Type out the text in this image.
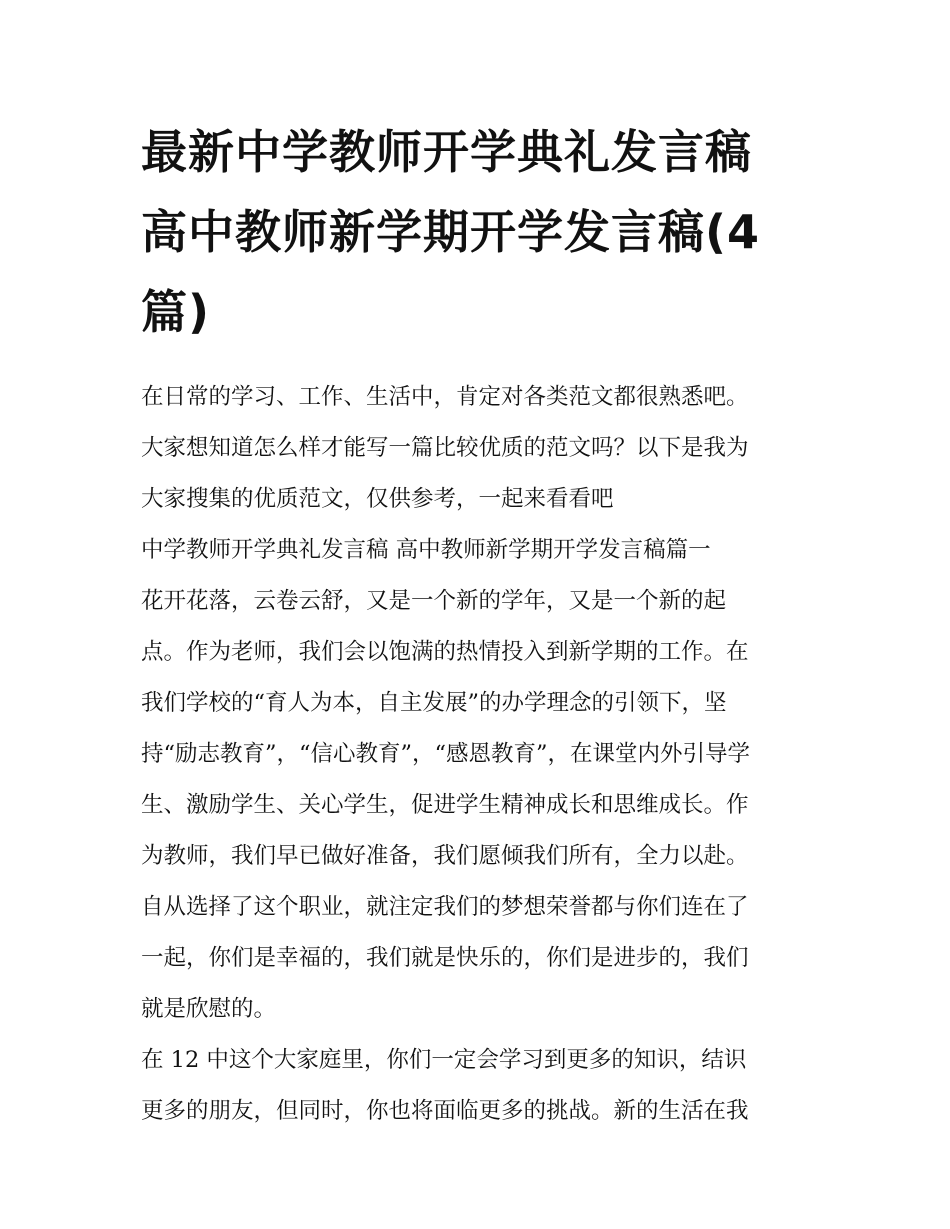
最新中学教师开学典礼发言稿
高中教师新学期开学发言稿(4
篇)

在日常的学习、工作、生活中，肯定对各类范文都很熟悉吧。
大家想知道怎么样才能写一篇比较优质的范文吗？以下是我为
大家搜集的优质范文，仅供参考，一起来看看吧

中学教师开学典礼发言稿 高中教师新学期开学发言稿篇一

花开花落，云卷云舒，又是一个新的学年，又是一个新的起
点。作为老师，我们会以饱满的热情投入到新学期的工作。在
我们学校的“育人为本，自主发展”的办学理念的引领下，坚
持“励志教育”，“信心教育”，“感恩教育”，在课堂内外引导学
生、激励学生、关心学生，促进学生精神成长和思维成长。作
为教师，我们早已做好准备，我们愿倾我们所有，全力以赴。
自从选择了这个职业，就注定我们的梦想荣誉都与你们连在了
一起，你们是幸福的，我们就是快乐的，你们是进步的，我们
就是欣慰的。

在 12 中这个大家庭里，你们一定会学习到更多的知识，结识
更多的朋友，但同时，你也将面临更多的挑战。新的生活在我
